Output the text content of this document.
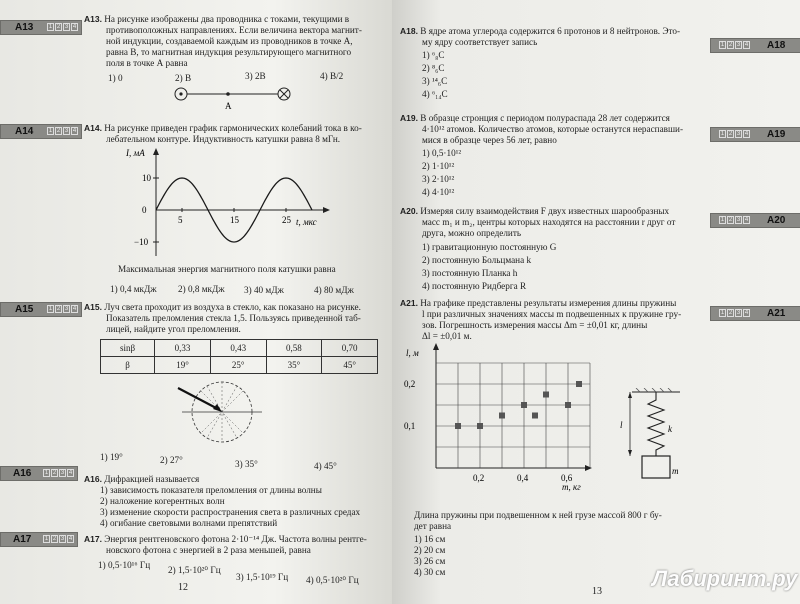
A13	1 2 3 4
A14	1 2 3 4
A15	1 2 3 4
A16	1 2 3 4
A17	1 2 3 4
A13. На рисунке изображены два проводника с токами, текущими в
противоположных направлениях. Если величина вектора магнит-
ной индукции, создаваемой каждым из проводников в точке А,
равна B, то магнитная индукция результирующего магнитного
поля в точке А равна
1) 0	2) B	3) 2B	4) B/2
A
A14. На рисунке приведен график гармонических колебаний тока в ко-
лебательном контуре. Индуктивность катушки равна 8 мГн.
I, мА
t, мкс
5	15	25
10
0
−10
Максимальная энергия магнитного поля катушки равна
1) 0,4 мкДж 2) 0,8 мкДж 3) 40 мДж	4) 80 мДж
A15. Луч света проходит из воздуха в стекло, как показано на рисунке.
Показатель преломления стекла 1,5. Пользуясь приведенной таб-
лицей, найдите угол преломления.
sinβ	0,33	0,43	0,58	0,70
β	19°	25°	35°	45°
1) 19°	2) 27°	3) 35°	4) 45°
A16. Дифракцией называется
1) зависимость показателя преломления от длины волны
2) наложение когерентных волн
3) изменение скорости распространения света в различных средах
4) огибание световыми волнами препятствий
A17. Энергия рентгеновского фотона 2·10⁻¹⁴ Дж. Частота волны рентге-
новского фотона с энергией в 2 раза меньшей, равна
1) 0,5·10¹⁶ Гц 2) 1,5·10²⁰ Гц
3) 1,5·10¹⁹ Гц 4) 0,5·10²⁰ Гц
12
1 2 3 4 A18
1 2 3 4 A19
1 2 3 4 A20
1 2 3 4 A21
A18. В ядре атома углерода содержится 6 протонов и 8 нейтронов. Это-
му ядру соответствует запись
1) ⁶₈C
2) ⁸₆C
3) ¹⁴₆C
4) ⁶₁₄C
A19. В образце стронция с периодом полураспада 28 лет содержится
4·10¹² атомов. Количество атомов, которые останутся нераспавши-
мися в образце через 56 лет, равно
1) 0,5·10¹²
2) 1·10¹²
3) 2·10¹²
4) 4·10¹²
A20. Измеряя силу взаимодействия F двух известных шарообразных
масс m₁ и m₂, центры которых находятся на расстоянии r друг от
друга, можно определить
1) гравитационную постоянную G
2) постоянную Больцмана k
3) постоянную Планка h
4) постоянную Ридберга R
A21. На графике представлены результаты измерения длины пружины
l при различных значениях массы m подвешенных к пружине гру-
зов. Погрешность измерения массы Δm = ±0,01 кг, длины
Δl = ±0,01 м.
l, м
m, кг
0,2
0,1
0,2	0,4	0,6
l	k
m
Длина пружины при подвешенном к ней грузе массой 800 г бу-
дет равна
1) 16 см
2) 20 см
3) 26 см
4) 30 см
13
Лабиринт.ру
